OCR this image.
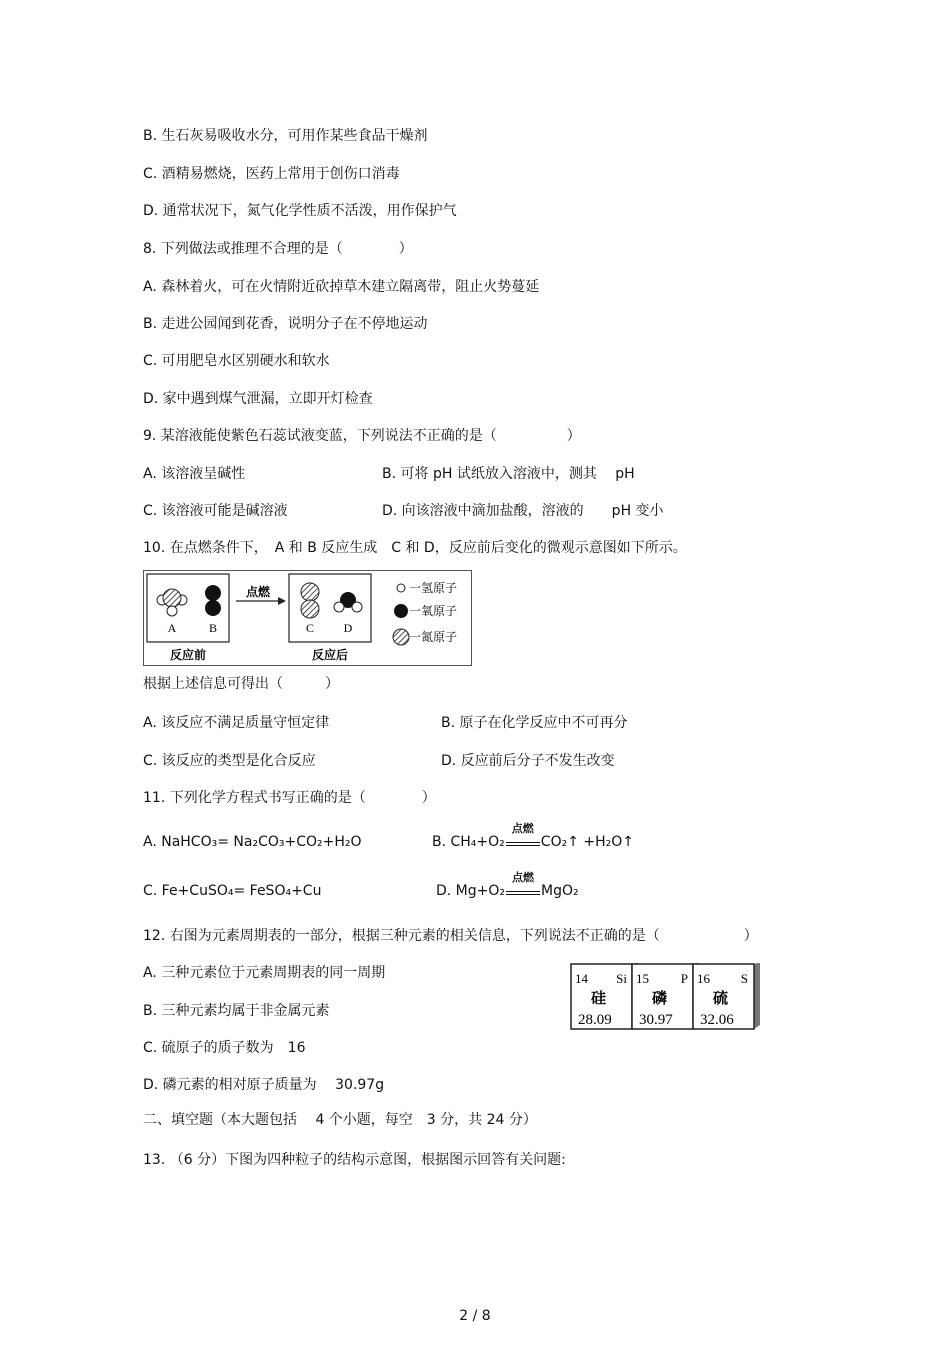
B. 生石灰易吸收水分，可用作某些食品干燥剂
C. 酒精易燃烧，医药上常用于创伤口消毒
D. 通常状况下，氮气化学性质不活泼，用作保护气
8. 下列做法或推理不合理的是（　　　　）
A. 森林着火，可在火情附近砍掉草木建立隔离带，阻止火势蔓延
B. 走进公园闻到花香，说明分子在不停地运动
C. 可用肥皂水区别硬水和软水
D. 家中遇到煤气泄漏，立即开灯检查
9. 某溶液能使紫色石蕊试液变蓝，下列说法不正确的是（　　　　　）
A. 该溶液呈碱性	B. 可将 pH 试纸放入溶液中，测其　 pH
C. 该溶液可能是碱溶液	D. 向该溶液中滴加盐酸，溶液的　　pH 变小
10. 在点燃条件下，　A 和 B 反应生成　C 和 D，反应前后变化的微观示意图如下所示。
A	B
点燃
C D
一氢原子
一氧原子
一氮原子
反应前	反应后
根据上述信息可得出（　　　）
A. 该反应不满足质量守恒定律	B. 原子在化学反应中不可再分
C. 该反应的类型是化合反应	D. 反应前后分子不发生改变
11. 下列化学方程式书写正确的是（　　　　）
A. NaHCO₃= Na₂CO₃+CO₂+H₂O	B. CH₄+O₂
点燃
CO₂↑ +H₂O↑
C. Fe+CuSO₄= FeSO₄+Cu	D. Mg+O₂
点燃
MgO₂
12. 右图为元素周期表的一部分，根据三种元素的相关信息，下列说法不正确的是（　　　　　　）
A. 三种元素位于元素周期表的同一周期
B. 三种元素均属于非金属元素
C. 硫原子的质子数为　16
D. 磷元素的相对原子质量为　 30.97g
14 Si
硅
28.09
15 P
磷
30.97
16 S
硫
32.06
二、填空题（本大题包括　 4 个小题，每空　3 分，共 24 分）
13. （6 分）下图为四种粒子的结构示意图，根据图示回答有关问题:
2 / 8
